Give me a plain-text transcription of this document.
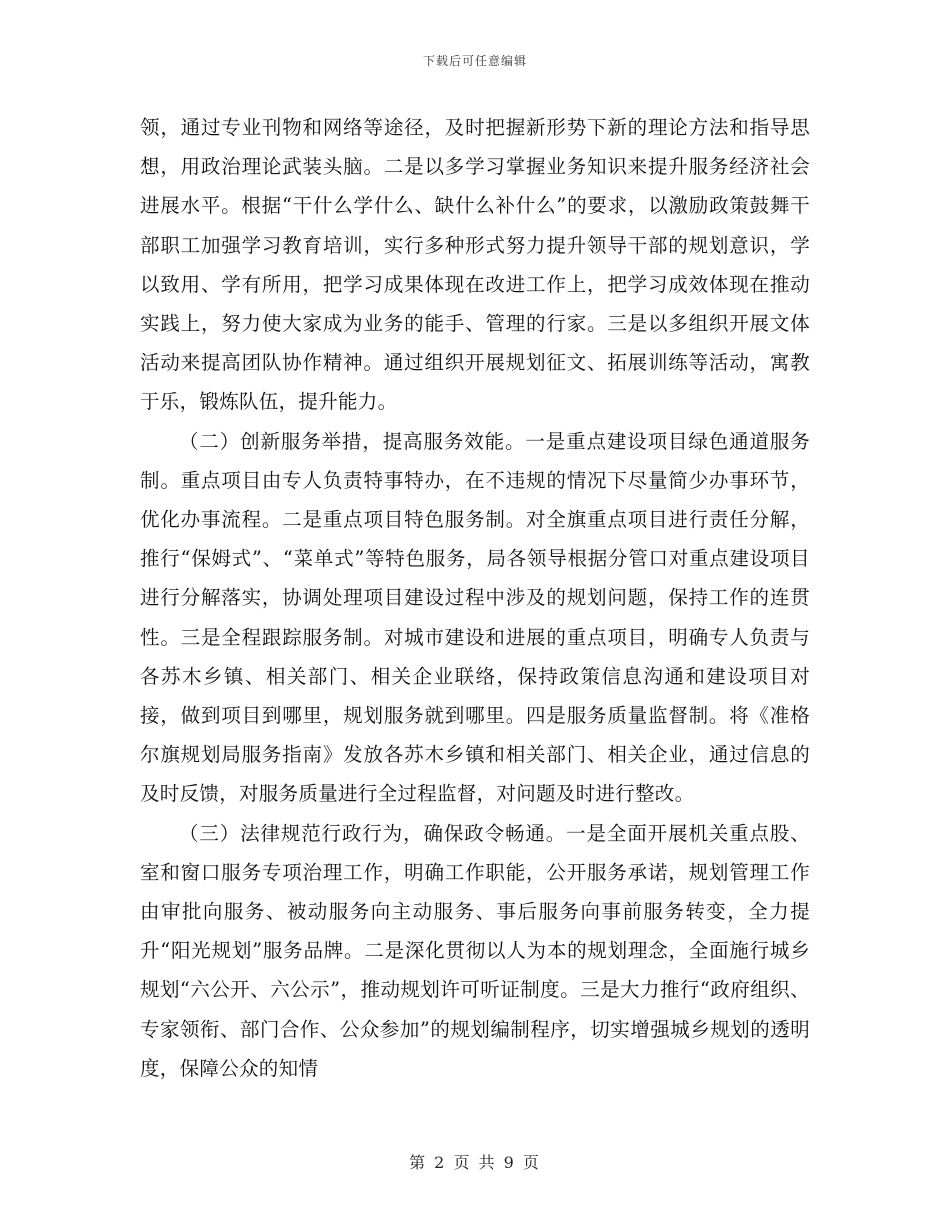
下载后可任意编辑

领，通过专业刊物和网络等途径，及时把握新形势下新的理论方法和指导思想，用政治理论武装头脑。二是以多学习掌握业务知识来提升服务经济社会进展水平。根据“干什么学什么、缺什么补什么”的要求，以激励政策鼓舞干部职工加强学习教育培训，实行多种形式努力提升领导干部的规划意识，学以致用、学有所用，把学习成果体现在改进工作上，把学习成效体现在推动实践上，努力使大家成为业务的能手、管理的行家。三是以多组织开展文体活动来提高团队协作精神。通过组织开展规划征文、拓展训练等活动，寓教于乐，锻炼队伍，提升能力。

（二）创新服务举措，提高服务效能。一是重点建设项目绿色通道服务制。重点项目由专人负责特事特办，在不违规的情况下尽量简少办事环节，优化办事流程。二是重点项目特色服务制。对全旗重点项目进行责任分解，推行“保姆式”、“菜单式”等特色服务，局各领导根据分管口对重点建设项目进行分解落实，协调处理项目建设过程中涉及的规划问题，保持工作的连贯性。三是全程跟踪服务制。对城市建设和进展的重点项目，明确专人负责与各苏木乡镇、相关部门、相关企业联络，保持政策信息沟通和建设项目对接，做到项目到哪里，规划服务就到哪里。四是服务质量监督制。将《准格尔旗规划局服务指南》发放各苏木乡镇和相关部门、相关企业，通过信息的及时反馈，对服务质量进行全过程监督，对问题及时进行整改。

（三）法律规范行政行为，确保政令畅通。一是全面开展机关重点股、室和窗口服务专项治理工作，明确工作职能，公开服务承诺，规划管理工作由审批向服务、被动服务向主动服务、事后服务向事前服务转变，全力提升“阳光规划”服务品牌。二是深化贯彻以人为本的规划理念，全面施行城乡规划“六公开、六公示”，推动规划许可听证制度。三是大力推行“政府组织、专家领衔、部门合作、公众参加”的规划编制程序，切实增强城乡规划的透明度，保障公众的知情

第 2 页 共 9 页
